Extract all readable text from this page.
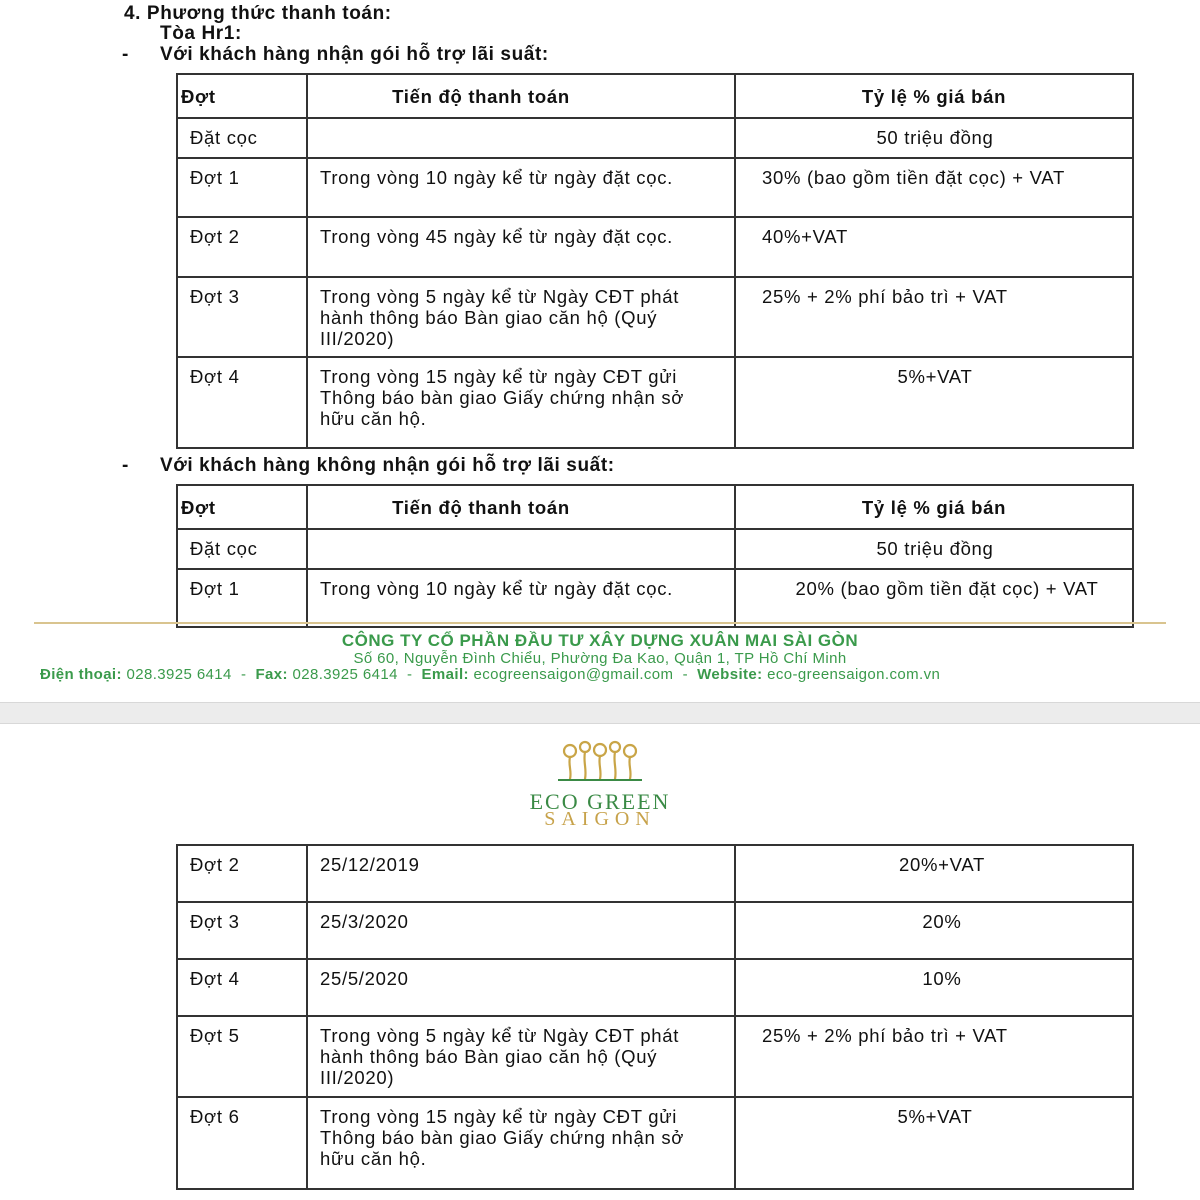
4. Phương thức thanh toán:
Tòa Hr1:
- Với khách hàng nhận gói hỗ trợ lãi suất:
Đợt	Tiến độ thanh toán	Tỷ lệ % giá bán

Đặt cọc		50 triệu đồng

Đợt 1	Trong vòng 10 ngày kể từ ngày đặt cọc.	30% (bao gồm tiền đặt cọc) + VAT

Đợt 2	Trong vòng 45 ngày kể từ ngày đặt cọc.	40%+VAT

Đợt 3	Trong vòng 5 ngày kể từ Ngày CĐT phát hành thông báo Bàn giao căn hộ (Quý III/2020)	25% + 2% phí bảo trì + VAT

Đợt 4	Trong vòng 15 ngày kể từ ngày CĐT gửi Thông báo bàn giao Giấy chứng nhận sở hữu căn hộ.	5%+VAT
- Với khách hàng không nhận gói hỗ trợ lãi suất:
Đợt	Tiến độ thanh toán	Tỷ lệ % giá bán

Đặt cọc		50 triệu đồng

Đợt 1	Trong vòng 10 ngày kể từ ngày đặt cọc.	20% (bao gồm tiền đặt cọc) + VAT
CÔNG TY CỔ PHẦN ĐẦU TƯ XÂY DỰNG XUÂN MAI SÀI GÒN
Số 60, Nguyễn Đình Chiểu, Phường Đa Kao, Quận 1, TP Hồ Chí Minh
Điện thoại: 028.3925 6414 - Fax: 028.3925 6414 - Email: ecogreensaigon@gmail.com - Website: eco-greensaigon.com.vn
ECO GREEN
SAIGON
Đợt 2	25/12/2019	20%+VAT

Đợt 3	25/3/2020	20%

Đợt 4	25/5/2020	10%

Đợt 5	Trong vòng 5 ngày kể từ Ngày CĐT phát hành thông báo Bàn giao căn hộ (Quý III/2020)	25% + 2% phí bảo trì + VAT

Đợt 6	Trong vòng 15 ngày kể từ ngày CĐT gửi Thông báo bàn giao Giấy chứng nhận sở hữu căn hộ.	5%+VAT
